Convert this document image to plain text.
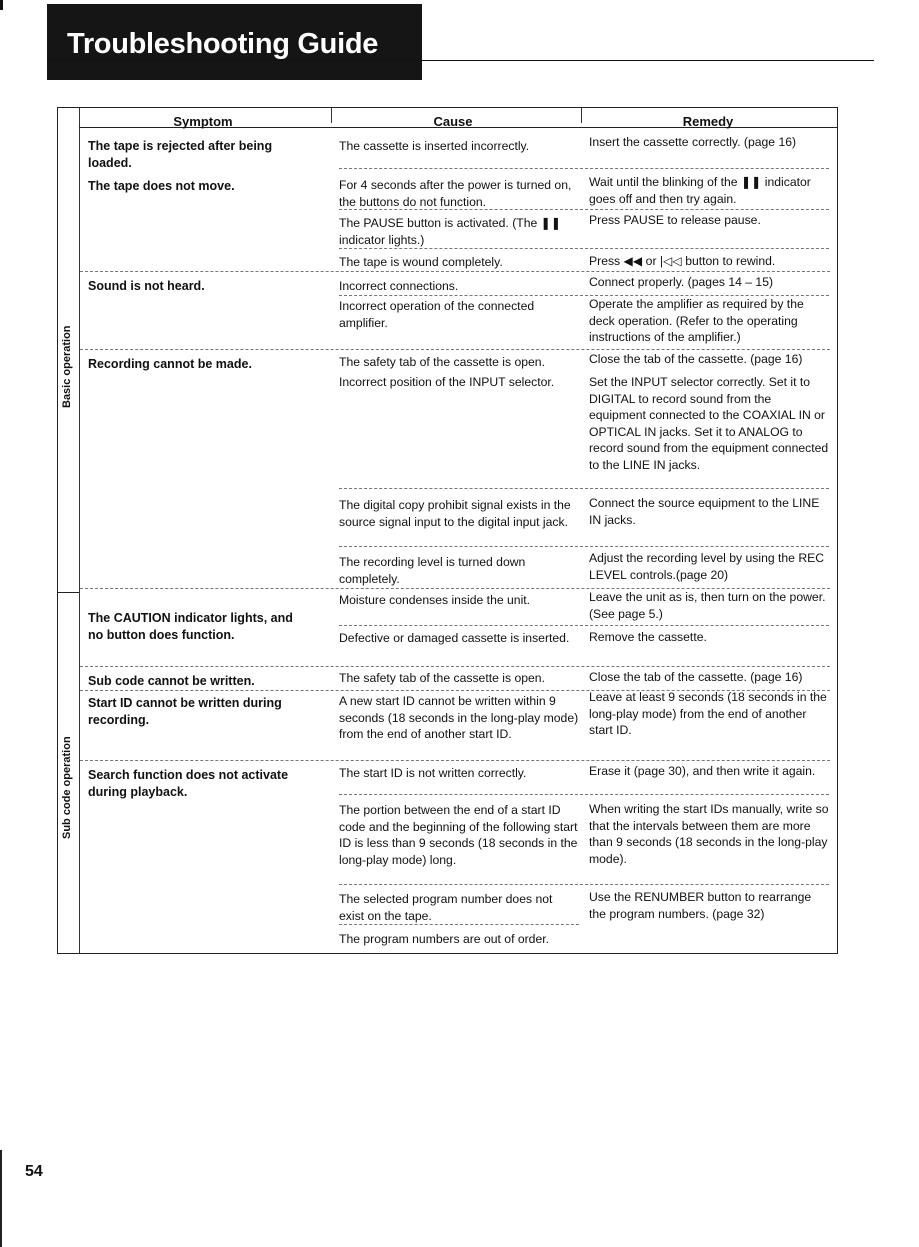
Troubleshooting Guide
Symptom	Cause	Remedy
Basic operation
Sub code operation
The tape is rejected after being loaded.
The tape does not move.
Sound is not heard.
Recording cannot be made.
The CAUTION indicator lights, and no button does function.
Sub code cannot be written.
Start ID cannot be written during recording.
Search function does not activate during playback.
The cassette is inserted incorrectly.
For 4 seconds after the power is turned on, the buttons do not function.
The PAUSE button is activated. (The ❚❚ indicator lights.)
The tape is wound completely.
Incorrect connections.
Incorrect operation of the connected amplifier.
The safety tab of the cassette is open.
Incorrect position of the INPUT selector.
The digital copy prohibit signal exists in the source signal input to the digital input jack.
The recording level is turned down completely.
Moisture condenses inside the unit.
Defective or damaged cassette is inserted.
The safety tab of the cassette is open.
A new start ID cannot be written within 9 seconds (18 seconds in the long-play mode) from the end of another start ID.
The start ID is not written correctly.
The portion between the end of a start ID code and the beginning of the following start ID is less than 9 seconds (18 seconds in the long-play mode) long.
The selected program number does not exist on the tape.
The program numbers are out of order.
Insert the cassette correctly. (page 16)
Wait until the blinking of the ❚❚ indicator goes off and then try again.
Press PAUSE to release pause.
Press ◀◀ or |◁◁ button to rewind.
Connect properly. (pages 14 – 15)
Operate the amplifier as required by the deck operation. (Refer to the operating instructions of the amplifier.)
Close the tab of the cassette. (page 16)
Set the INPUT selector correctly. Set it to DIGITAL to record sound from the equipment connected to the COAXIAL IN or OPTICAL IN jacks. Set it to ANALOG to record sound from the equipment connected to the LINE IN jacks.
Connect the source equipment to the LINE IN jacks.
Adjust the recording level by using the REC LEVEL controls.(page 20)
Leave the unit as is, then turn on the power. (See page 5.)
Remove the cassette.
Close the tab of the cassette. (page 16)
Leave at least 9 seconds (18 seconds in the long-play mode) from the end of another start ID.
Erase it (page 30), and then write it again.
When writing the start IDs manually, write so that the intervals between them are more than 9 seconds (18 seconds in the long-play mode).
Use the RENUMBER button to rearrange the program numbers. (page 32)
54
